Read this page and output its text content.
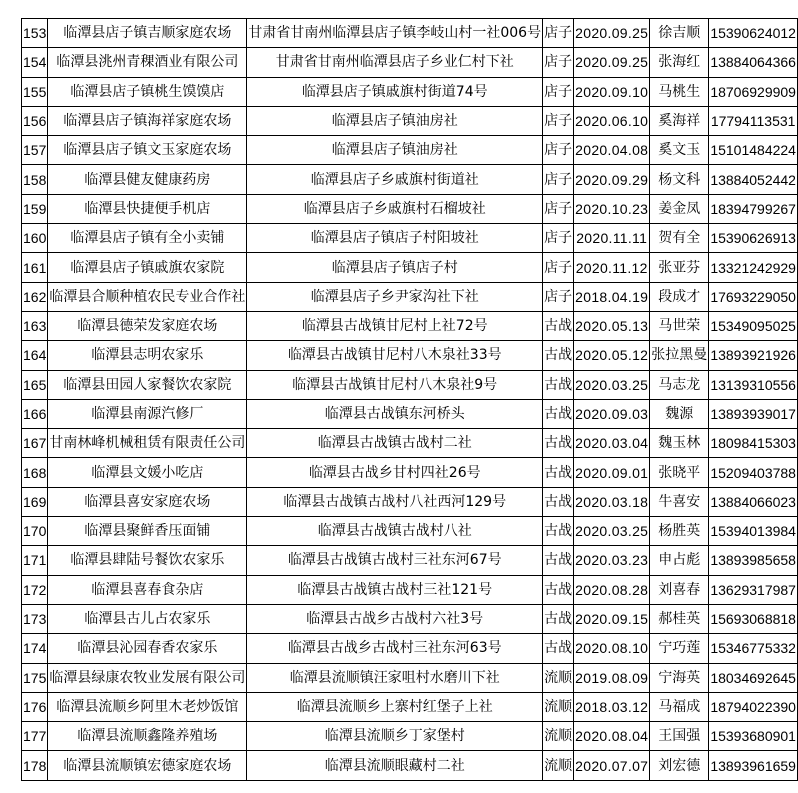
153	临潭县店子镇吉顺家庭农场	甘肃省甘南州临潭县店子镇李岐山村一社006号	店子	2020.09.25	徐吉顺	15390624012
154	临潭县洮州青稞酒业有限公司	甘肃省甘南州临潭县店子乡业仁村下社	店子	2020.09.25	张海红	13884064366
155	临潭县店子镇桃生馍馍店	临潭县店子镇戚旗村街道74号	店子	2020.09.10	马桃生	18706929909
156	临潭县店子镇海祥家庭农场	临潭县店子镇油房社	店子	2020.06.10	奚海祥	17794113531
157	临潭县店子镇文玉家庭农场	临潭县店子镇油房社	店子	2020.04.08	奚文玉	15101484224
158	临潭县健友健康药房	临潭县店子乡戚旗村街道社	店子	2020.09.29	杨文科	13884052442
159	临潭县快捷便手机店	临潭县店子乡戚旗村石榴坡社	店子	2020.10.23	姜金凤	18394799267
160	临潭县店子镇有全小卖铺	临潭县店子镇店子村阳坡社	店子	2020.11.11	贺有全	15390626913
161	临潭县店子镇戚旗农家院	临潭县店子镇店子村	店子	2020.11.12	张亚芬	13321242929
162	临潭县合顺种植农民专业合作社	临潭县店子乡尹家沟社下社	店子	2018.04.19	段成才	17693229050
163	临潭县德荣发家庭农场	临潭县古战镇甘尼村上社72号	古战	2020.05.13	马世荣	15349095025
164	临潭县志明农家乐	临潭县古战镇甘尼村八木泉社33号	古战	2020.05.12	张拉黑曼	13893921926
165	临潭县田园人家餐饮农家院	临潭县古战镇甘尼村八木泉社9号	古战	2020.03.25	马志龙	13139310556
166	临潭县南源汽修厂	临潭县古战镇东河桥头	古战	2020.09.03	魏源	13893939017
167	甘南林峰机械租赁有限责任公司	临潭县古战镇古战村二社	古战	2020.03.04	魏玉林	18098415303
168	临潭县文媛小吃店	临潭县古战乡甘村四社26号	古战	2020.09.01	张晓平	15209403788
169	临潭县喜安家庭农场	临潭县古战镇古战村八社西河129号	古战	2020.03.18	牛喜安	13884066023
170	临潭县聚鲜香压面铺	临潭县古战镇古战村八社	古战	2020.03.25	杨胜英	15394013984
171	临潭县肆陆号餐饮农家乐	临潭县古战镇古战村三社东河67号	古战	2020.03.23	申占彪	13893985658
172	临潭县喜春食杂店	临潭县古战镇古战村三社121号	古战	2020.08.28	刘喜春	13629317987
173	临潭县古儿占农家乐	临潭县古战乡古战村六社3号	古战	2020.09.15	郝桂英	15693068818
174	临潭县沁园春香农家乐	临潭县古战乡古战村三社东河63号	古战	2020.08.10	宁巧莲	15346775332
175	临潭县绿康农牧业发展有限公司	临潭县流顺镇汪家咀村水磨川下社	流顺	2019.08.09	宁海英	18034692645
176	临潭县流顺乡阿里木老炒饭馆	临潭县流顺乡上寨村红堡子上社	流顺	2018.03.12	马福成	18794022390
177	临潭县流顺鑫隆养殖场	临潭县流顺乡丁家堡村	流顺	2020.08.04	王国强	15393680901
178	临潭县流顺镇宏德家庭农场	临潭县流顺眼藏村二社	流顺	2020.07.07	刘宏德	13893961659
